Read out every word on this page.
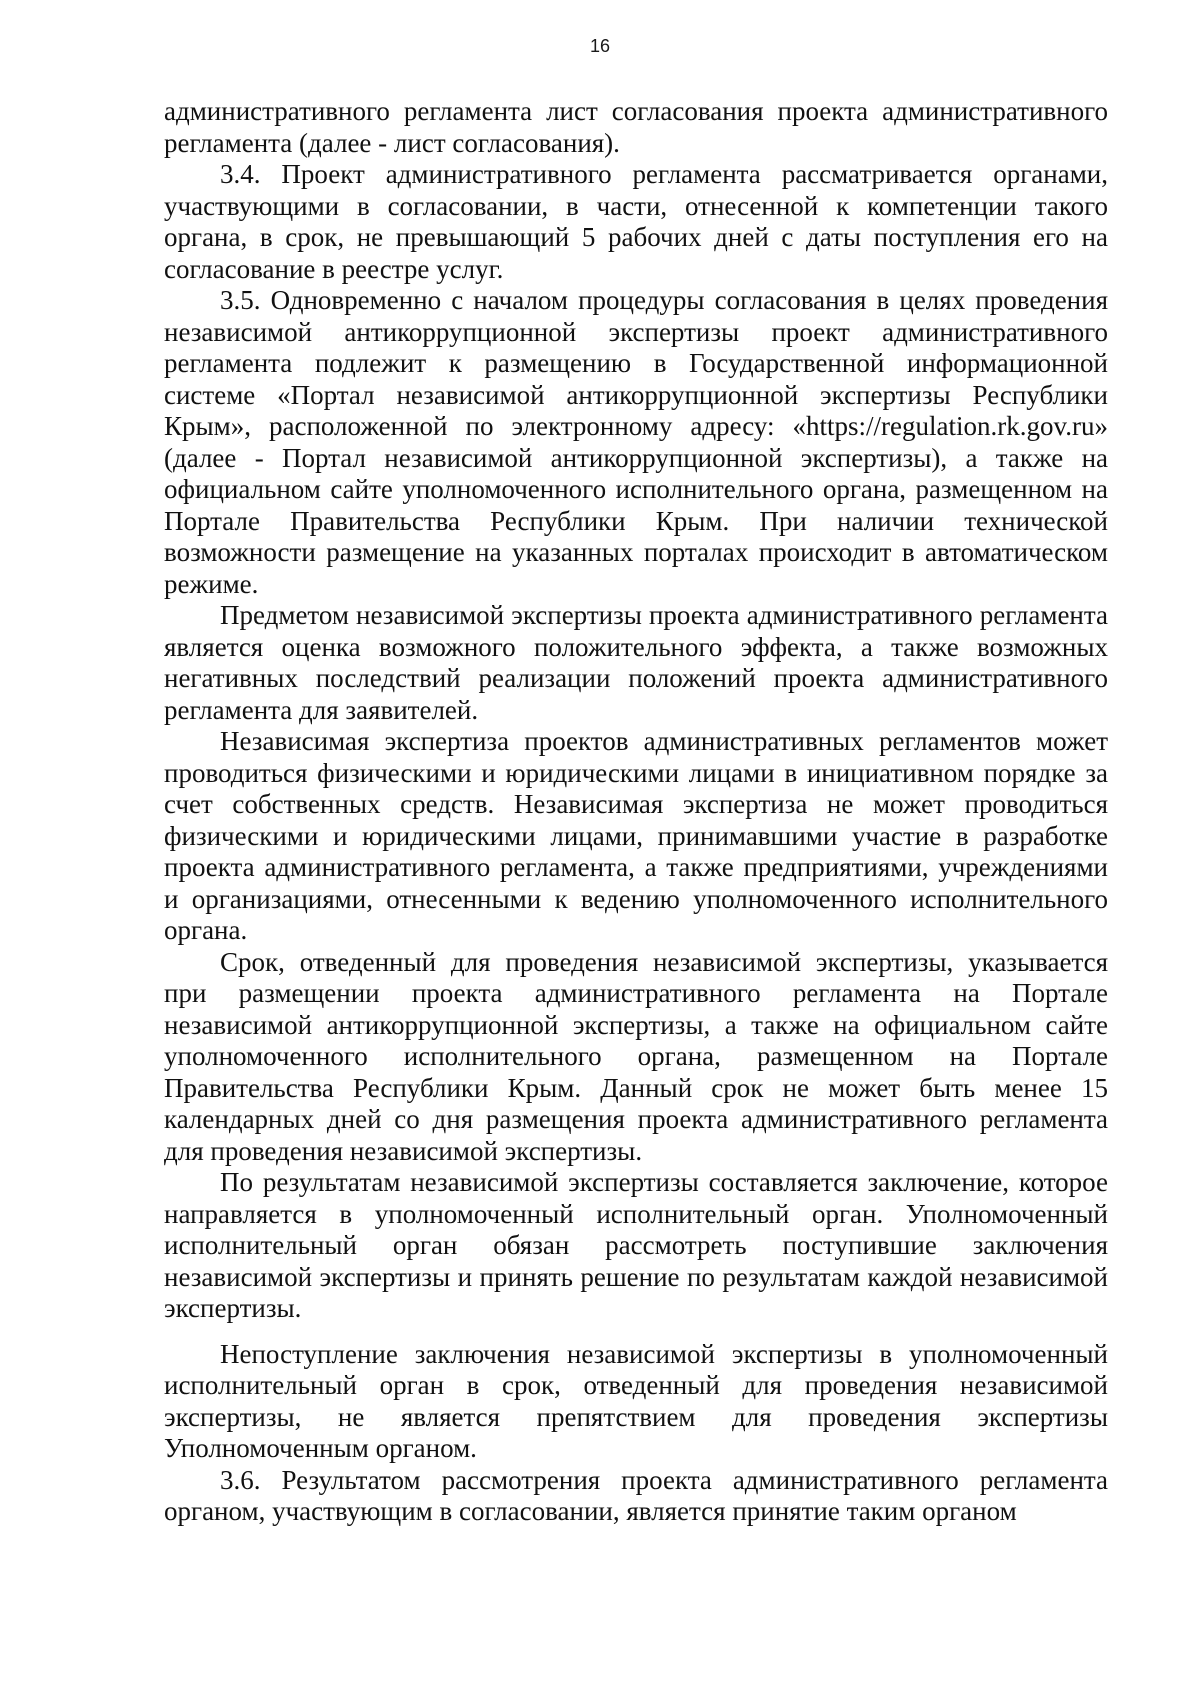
16

административного регламента лист согласования проекта административного регламента (далее - лист согласования).

3.4. Проект административного регламента рассматривается органами, участвующими в согласовании, в части, отнесенной к компетенции такого органа, в срок, не превышающий 5 рабочих дней с даты поступления его на согласование в реестре услуг.

3.5. Одновременно с началом процедуры согласования в целях проведения независимой антикоррупционной экспертизы проект административного регламента подлежит к размещению в Государственной информационной системе «Портал независимой антикоррупционной экспертизы Республики Крым», расположенной по электронному адресу: «https://regulation.rk.gov.ru» (далее - Портал независимой антикоррупционной экспертизы), а также на официальном сайте уполномоченного исполнительного органа, размещенном на Портале Правительства Республики Крым. При наличии технической возможности размещение на указанных порталах происходит в автоматическом режиме.

Предметом независимой экспертизы проекта административного регламента является оценка возможного положительного эффекта, а также возможных негативных последствий реализации положений проекта административного регламента для заявителей.

Независимая экспертиза проектов административных регламентов может проводиться физическими и юридическими лицами в инициативном порядке за счет собственных средств. Независимая экспертиза не может проводиться физическими и юридическими лицами, принимавшими участие в разработке проекта административного регламента, а также предприятиями, учреждениями и организациями, отнесенными к ведению уполномоченного исполнительного органа.

Срок, отведенный для проведения независимой экспертизы, указывается при размещении проекта административного регламента на Портале независимой антикоррупционной экспертизы, а также на официальном сайте уполномоченного исполнительного органа, размещенном на Портале Правительства Республики Крым. Данный срок не может быть менее 15 календарных дней со дня размещения проекта административного регламента для проведения независимой экспертизы.

По результатам независимой экспертизы составляется заключение, которое направляется в уполномоченный исполнительный орган. Уполномоченный исполнительный орган обязан рассмотреть поступившие заключения независимой экспертизы и принять решение по результатам каждой независимой экспертизы.

Непоступление заключения независимой экспертизы в уполномоченный исполнительный орган в срок, отведенный для проведения независимой экспертизы, не является препятствием для проведения экспертизы Уполномоченным органом.

3.6. Результатом рассмотрения проекта административного регламента органом, участвующим в согласовании, является принятие таким органом
